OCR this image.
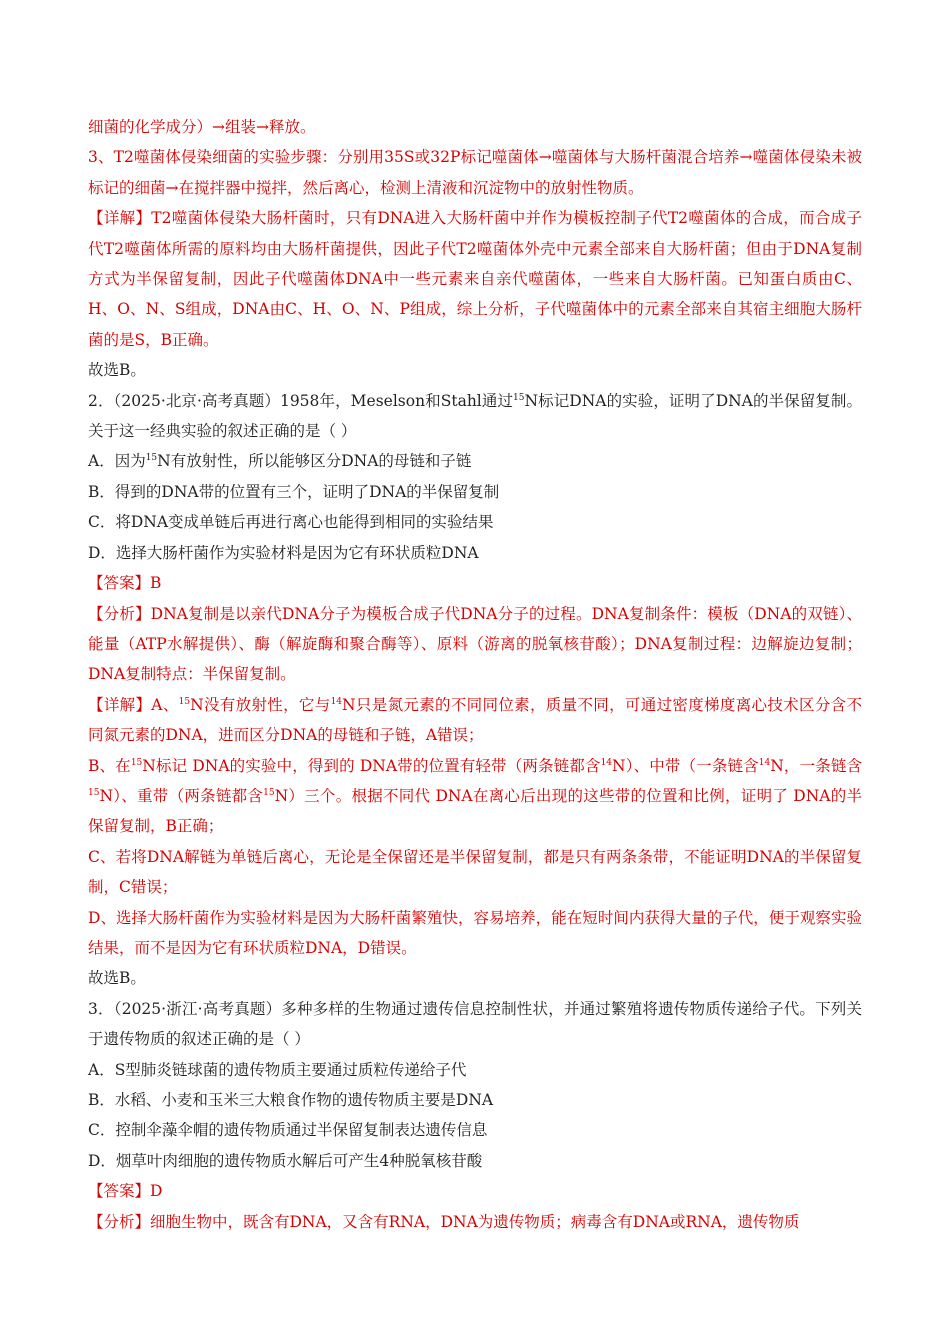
细菌的化学成分）→组装→释放。

3、T2噬菌体侵染细菌的实验步骤：分别用35S或32P标记噬菌体→噬菌体与大肠杆菌混合培养→噬菌体侵染未被标记的细菌→在搅拌器中搅拌，然后离心，检测上清液和沉淀物中的放射性物质。

【详解】T2噬菌体侵染大肠杆菌时，只有DNA进入大肠杆菌中并作为模板控制子代T2噬菌体的合成，而合成子代T2噬菌体所需的原料均由大肠杆菌提供，因此子代T2噬菌体外壳中元素全部来自大肠杆菌；但由于DNA复制方式为半保留复制，因此子代噬菌体DNA中一些元素来自亲代噬菌体，一些来自大肠杆菌。已知蛋白质由C、H、O、N、S组成，DNA由C、H、O、N、P组成，综上分析，子代噬菌体中的元素全部来自其宿主细胞大肠杆菌的是S，B正确。

故选B。

2．（2025·北京·高考真题）1958年，Meselson和Stahl通过$^{15}$N标记DNA的实验，证明了DNA的半保留复制。关于这一经典实验的叙述正确的是（ ）

A．因为$^{15}$N有放射性，所以能够区分DNA的母链和子链

B．得到的DNA带的位置有三个，证明了DNA的半保留复制

C．将DNA变成单链后再进行离心也能得到相同的实验结果

D．选择大肠杆菌作为实验材料是因为它有环状质粒DNA

【答案】B

【分析】DNA复制是以亲代DNA分子为模板合成子代DNA分子的过程。DNA复制条件：模板（DNA的双链）、能量（ATP水解提供）、酶（解旋酶和聚合酶等）、原料（游离的脱氧核苷酸）；DNA复制过程：边解旋边复制；DNA复制特点：半保留复制。

【详解】A、$^{15}$N没有放射性，它与$^{14}$N只是氮元素的不同同位素，质量不同，可通过密度梯度离心技术区分含不同氮元素的DNA，进而区分DNA的母链和子链，A错误；

B、在$^{15}$N标记 DNA的实验中，得到的 DNA带的位置有轻带（两条链都含$^{14}$N）、中带（一条链含$^{14}$N，一条链含$^{15}$N）、重带（两条链都含$^{15}$N）三个。根据不同代 DNA在离心后出现的这些带的位置和比例，证明了 DNA的半保留复制，B正确；

C、若将DNA解链为单链后离心，无论是全保留还是半保留复制，都是只有两条条带，不能证明DNA的半保留复制，C错误；

D、选择大肠杆菌作为实验材料是因为大肠杆菌繁殖快，容易培养，能在短时间内获得大量的子代，便于观察实验结果，而不是因为它有环状质粒DNA，D错误。

故选B。

3．（2025·浙江·高考真题）多种多样的生物通过遗传信息控制性状，并通过繁殖将遗传物质传递给子代。下列关于遗传物质的叙述正确的是（ ）

A．S型肺炎链球菌的遗传物质主要通过质粒传递给子代

B．水稻、小麦和玉米三大粮食作物的遗传物质主要是DNA

C．控制伞藻伞帽的遗传物质通过半保留复制表达遗传信息

D．烟草叶肉细胞的遗传物质水解后可产生4种脱氧核苷酸

【答案】D

【分析】细胞生物中，既含有DNA，又含有RNA，DNA为遗传物质；病毒含有DNA或RNA，遗传物质
